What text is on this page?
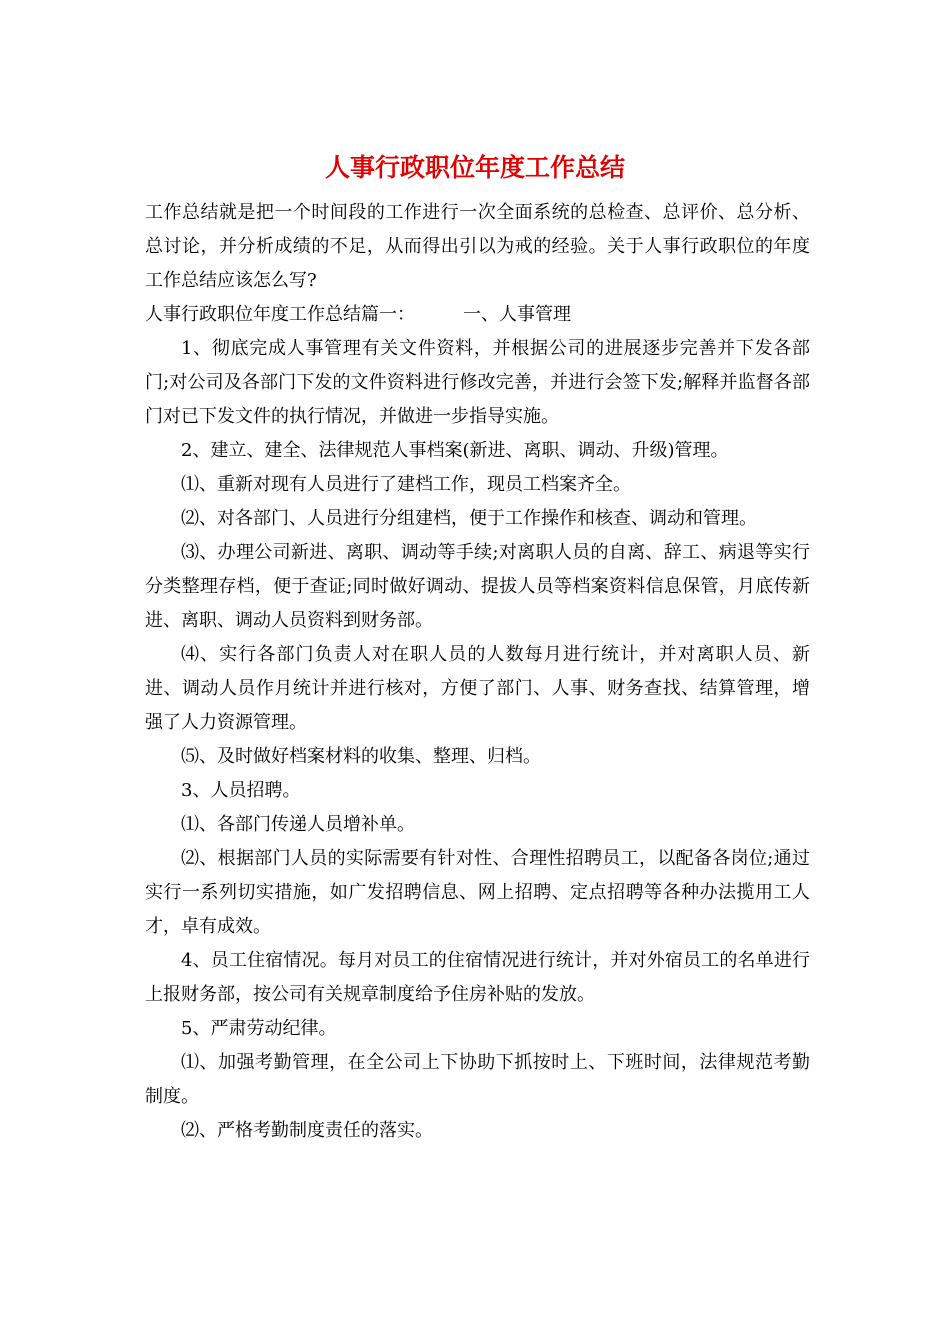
人事行政职位年度工作总结

工作总结就是把一个时间段的工作进行一次全面系统的总检查、总评价、总分析、总讨论，并分析成绩的不足，从而得出引以为戒的经验。关于人事行政职位的年度工作总结应该怎么写?

人事行政职位年度工作总结篇一：	一、人事管理

1、彻底完成人事管理有关文件资料，并根据公司的进展逐步完善并下发各部门;对公司及各部门下发的文件资料进行修改完善，并进行会签下发;解释并监督各部门对已下发文件的执行情况，并做进一步指导实施。

2、建立、建全、法律规范人事档案(新进、离职、调动、升级)管理。

⑴、重新对现有人员进行了建档工作，现员工档案齐全。

⑵、对各部门、人员进行分组建档，便于工作操作和核查、调动和管理。

⑶、办理公司新进、离职、调动等手续;对离职人员的自离、辞工、病退等实行分类整理存档，便于查证;同时做好调动、提拔人员等档案资料信息保管，月底传新进、离职、调动人员资料到财务部。

⑷、实行各部门负责人对在职人员的人数每月进行统计，并对离职人员、新进、调动人员作月统计并进行核对，方便了部门、人事、财务查找、结算管理，增强了人力资源管理。

⑸、及时做好档案材料的收集、整理、归档。

3、人员招聘。

⑴、各部门传递人员增补单。

⑵、根据部门人员的实际需要有针对性、合理性招聘员工，以配备各岗位;通过实行一系列切实措施，如广发招聘信息、网上招聘、定点招聘等各种办法揽用工人才，卓有成效。

4、员工住宿情况。每月对员工的住宿情况进行统计，并对外宿员工的名单进行上报财务部，按公司有关规章制度给予住房补贴的发放。

5、严肃劳动纪律。

⑴、加强考勤管理，在全公司上下协助下抓按时上、下班时间，法律规范考勤制度。

⑵、严格考勤制度责任的落实。
